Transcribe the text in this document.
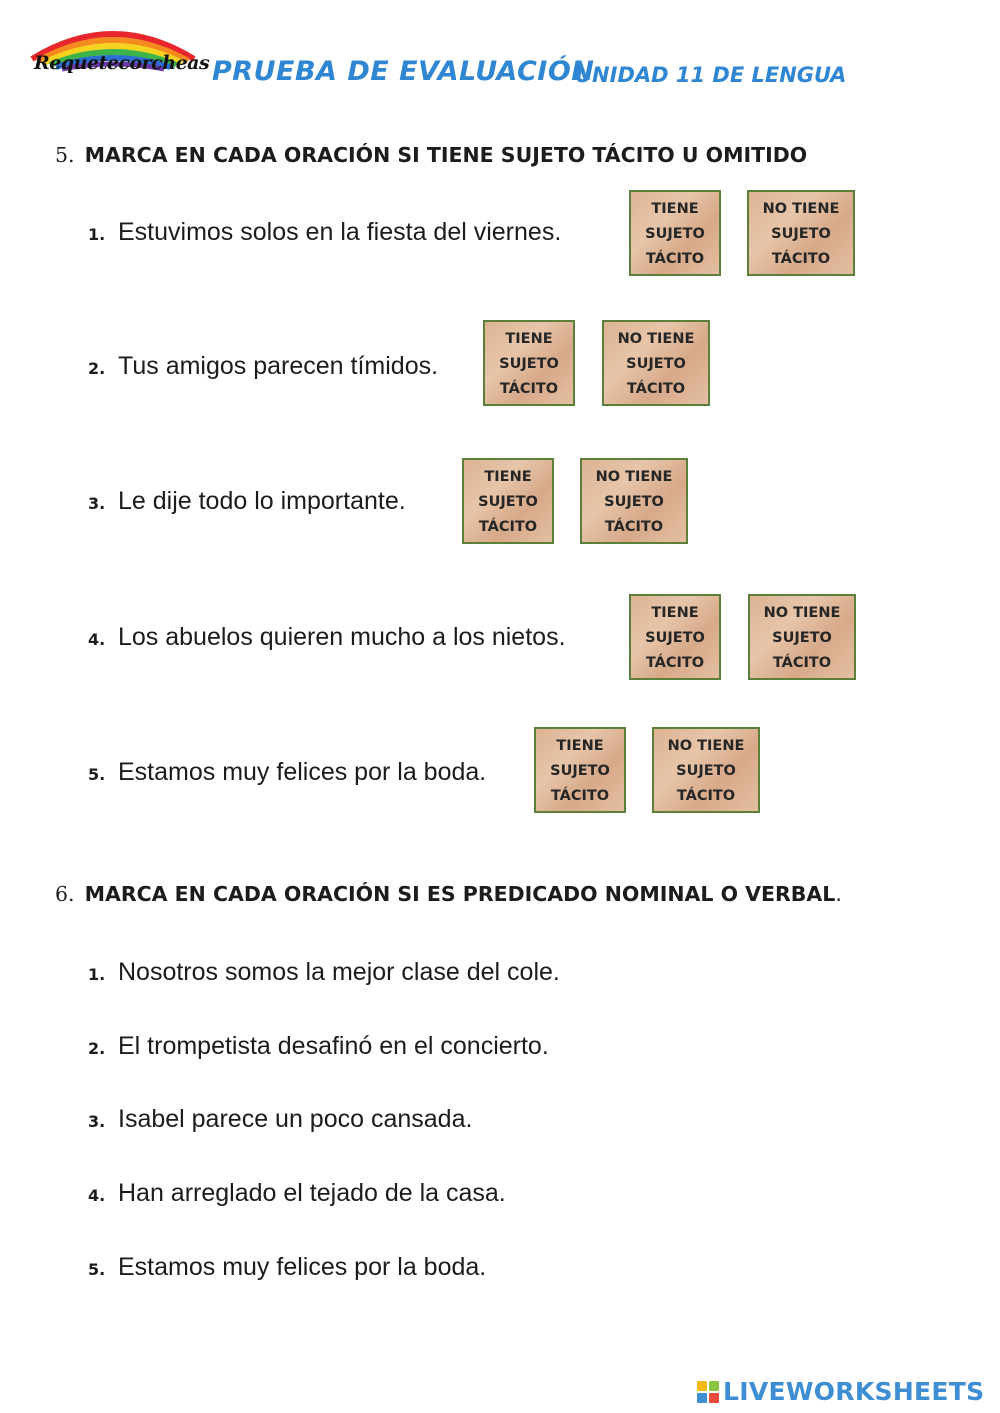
Requetecorcheas PRUEBA DE EVALUACIÓN
UNIDAD 11 DE LENGUA
5. MARCA EN CADA ORACIÓN SI TIENE SUJETO TÁCITO U OMITIDO
1. Estuvimos solos en la fiesta del viernes.
TIENE
SUJETO
TÁCITO
NO TIENE
SUJETO
TÁCITO
2. Tus amigos parecen tímidos.
TIENE
SUJETO
TÁCITO
NO TIENE
SUJETO
TÁCITO
3. Le dije todo lo importante.
TIENE
SUJETO
TÁCITO
NO TIENE
SUJETO
TÁCITO
4. Los abuelos quieren mucho a los nietos.
TIENE
SUJETO
TÁCITO
NO TIENE
SUJETO
TÁCITO
5. Estamos muy felices por la boda.
TIENE
SUJETO
TÁCITO
NO TIENE
SUJETO
TÁCITO
6. MARCA EN CADA ORACIÓN SI ES PREDICADO NOMINAL O VERBAL.
1. Nosotros somos la mejor clase del cole.
2. El trompetista desafinó en el concierto.
3. Isabel parece un poco cansada.
4. Han arreglado el tejado de la casa.
5. Estamos muy felices por la boda.
LIVEWORKSHEETS
